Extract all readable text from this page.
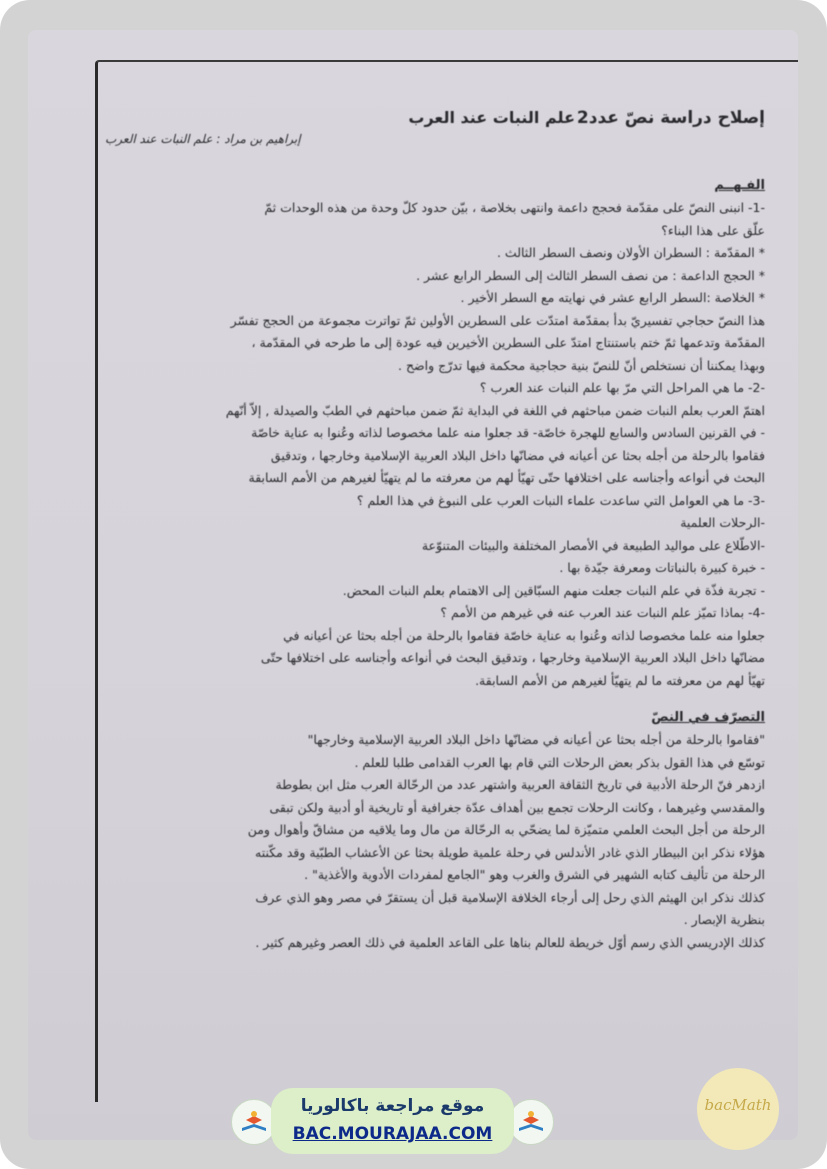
إصلاح دراسة نصّ عدد2
علم النبات عند العرب
إبراهيم بن مراد : علم النبات عند العرب
الفـهــم
-1- انبنى النصّ على مقدّمة فحجج داعمة وانتهى بخلاصة ، بيّن حدود كلّ وحدة من هذه الوحدات ثمّ
علّق على هذا البناء؟
* المقدّمة : السطران الأولان ونصف السطر الثالث .
* الحجج الداعمة : من نصف السطر الثالث إلى السطر الرابع عشر .
* الخلاصة :السطر الرابع عشر في نهايته مع السطر الأخير .
هذا النصّ حجاجي تفسيريّ بدأ بمقدّمة امتدّت على السطرين الأولين ثمّ تواترت مجموعة من الحجج تفسّر
المقدّمة وتدعمها ثمّ ختم باستنتاج امتدّ على السطرين الأخيرين فيه عودة إلى ما طرحه في المقدّمة ،
وبهذا يمكننا أن نستخلص أنّ للنصّ بنية حجاجية محكمة فيها تدرّج واضح .
-2- ما هي المراحل التي مرّ بها علم النبات عند العرب ؟
اهتمّ العرب بعلم النبات ضمن مباحثهم في اللغة في البداية ثمّ ضمن مباحثهم في الطبّ والصيدلة , إلاّ أنّهم
- في القرنين السادس والسابع للهجرة خاصّة- قد جعلوا منه علما مخصوصا لذاته وعُنوا به عناية خاصّة
فقاموا بالرحلة من أجله بحثا عن أعيانه في مضانّها داخل البلاد العربية الإسلامية وخارجها ، وتدقيق
البحث في أنواعه وأجناسه على اختلافها حتّى تهيّأ لهم من معرفته ما لم يتهيّأ لغيرهم من الأمم السابقة
-3- ما هي العوامل التي ساعدت علماء النبات العرب على النبوغ في هذا العلم ؟
-الرحلات العلمية
-الاطّلاع على مواليد الطبيعة في الأمصار المختلفة والبيئات المتنوّعة
- خبرة كبيرة بالنباتات ومعرفة جيّدة بها .
- تجربة فذّة في علم النبات جعلت منهم السبّاقين إلى الاهتمام بعلم النبات المحض.
-4- بماذا تميّز علم النبات عند العرب عنه في غيرهم من الأمم ؟
جعلوا منه علما مخصوصا لذاته وعُنوا به عناية خاصّة فقاموا بالرحلة من أجله بحثا عن أعيانه في
مضانّها داخل البلاد العربية الإسلامية وخارجها ، وتدقيق البحث في أنواعه وأجناسه على اختلافها حتّى
تهيّأ لهم من معرفته ما لم يتهيّأ لغيرهم من الأمم السابقة.
التصرّف في النصّ
"فقاموا بالرحلة من أجله بحثا عن أعيانه في مضانّها داخل البلاد العربية الإسلامية وخارجها"
توسّع في هذا القول بذكر بعض الرحلات التي قام بها العرب القدامى طلبا للعلم .
ازدهر فنّ الرحلة الأدبية في تاريخ الثقافة العربية واشتهر عدد من الرحّالة العرب مثل ابن بطوطة
والمقدسي وغيرهما ، وكانت الرحلات تجمع بين أهداف عدّة جغرافية أو تاريخية أو أدبية ولكن تبقى
الرحلة من أجل البحث العلمي متميّزة لما يضحّي به الرحّالة من مال وما يلاقيه من مشاقّ وأهوال ومن
هؤلاء نذكر ابن البيطار الذي غادر الأندلس في رحلة علمية طويلة بحثا عن الأعشاب الطبّية وقد مكّنته
الرحلة من تأليف كتابه الشهير في الشرق والغرب وهو "الجامع لمفردات الأدوية والأغذية" .
كذلك نذكر ابن الهيثم الذي رحل إلى أرجاء الخلافة الإسلامية قبل أن يستقرّ في مصر وهو الذي عرف
بنظرية الإبصار .
كذلك الإدريسي الذي رسم أوّل خريطة للعالم بناها على القاعد العلمية في ذلك العصر وغيرهم كثير .
موقع مراجعة باكالوريا
BAC.MOURAJAA.COM
bacMath
